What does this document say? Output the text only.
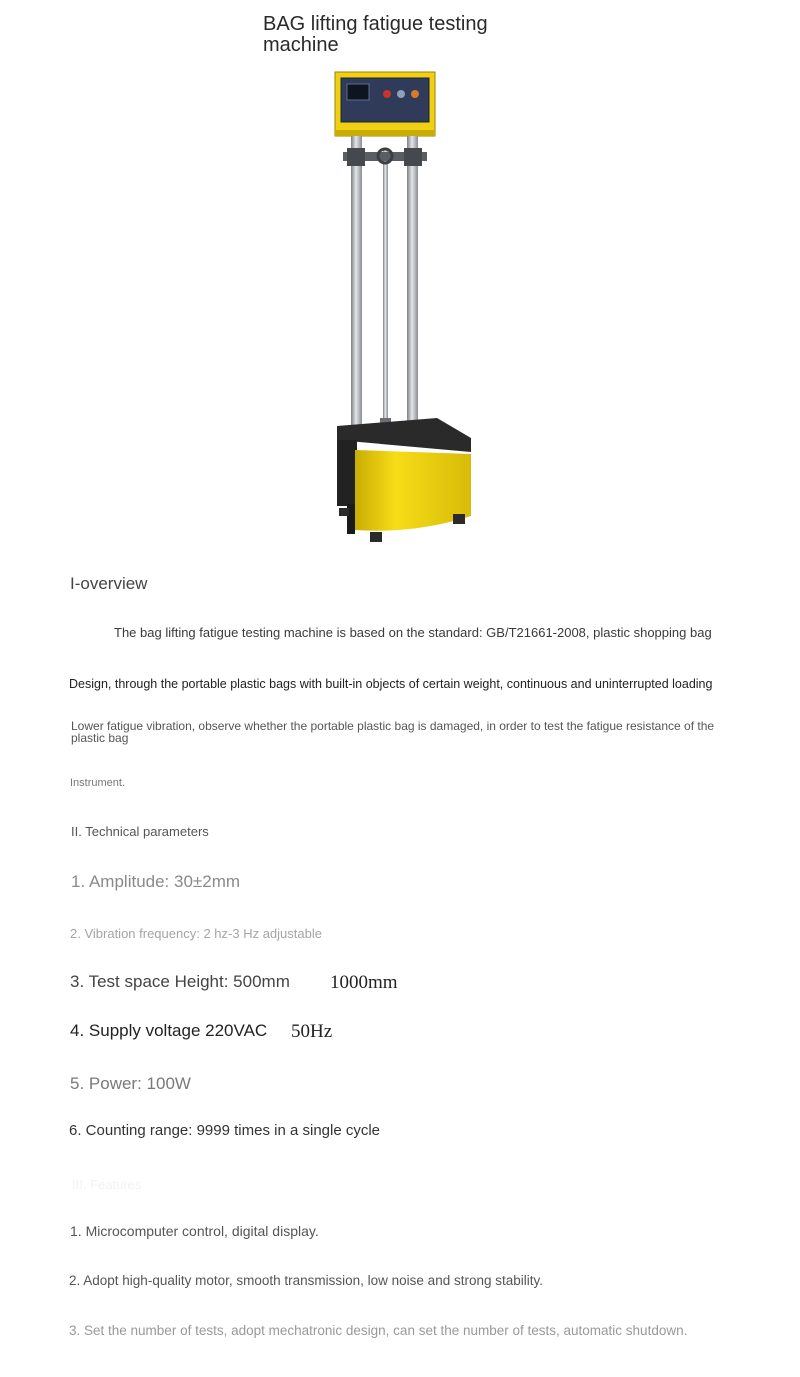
BAG lifting fatigue testing machine
I-overview
The bag lifting fatigue testing machine is based on the standard: GB/T21661-2008, plastic shopping bag
Design, through the portable plastic bags with built-in objects of certain weight, continuous and uninterrupted loading
Lower fatigue vibration, observe whether the portable plastic bag is damaged, in order to test the fatigue resistance of the plastic bag
Instrument.
II. Technical parameters
1. Amplitude: 30±2mm
2. Vibration frequency: 2 hz-3 Hz adjustable
3. Test space Height: 500mm 1000mm
4. Supply voltage 220VAC 50Hz
5. Power: 100W
6. Counting range: 9999 times in a single cycle
III. Features
1. Microcomputer control, digital display.
2. Adopt high-quality motor, smooth transmission, low noise and strong stability.
3. Set the number of tests, adopt mechatronic design, can set the number of tests, automatic shutdown.
